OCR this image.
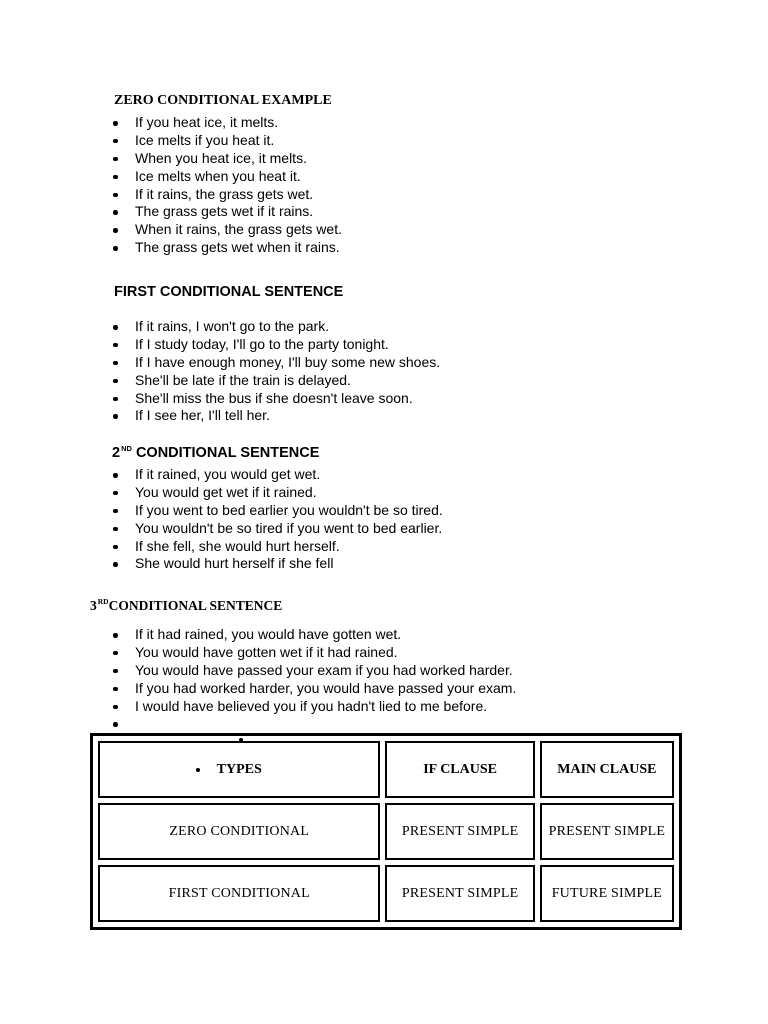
ZERO CONDITIONAL EXAMPLE
If you heat ice, it melts.
Ice melts if you heat it.
When you heat ice, it melts.
Ice melts when you heat it.
If it rains, the grass gets wet.
The grass gets wet if it rains.
When it rains, the grass gets wet.
The grass gets wet when it rains.
FIRST CONDITIONAL SENTENCE
If it rains, I won't go to the park.
If I study today, I'll go to the party tonight.
If I have enough money, I'll buy some new shoes.
She'll be late if the train is delayed.
She'll miss the bus if she doesn't leave soon.
If I see her, I'll tell her.
2ND CONDITIONAL SENTENCE
If it rained, you would get wet.
You would get wet if it rained.
If you went to bed earlier you wouldn't be so tired.
You wouldn't be so tired if you went to bed earlier.
If she fell, she would hurt herself.
She would hurt herself if she fell
3RDCONDITIONAL SENTENCE
If it had rained, you would have gotten wet.
You would have gotten wet if it had rained.
You would have passed your exam if you had worked harder.
If you had worked harder, you would have passed your exam.
I would have believed you if you hadn't lied to me before.
TYPES	IF CLAUSE	MAIN CLAUSE
ZERO CONDITIONAL	PRESENT SIMPLE	PRESENT SIMPLE
FIRST CONDITIONAL	PRESENT SIMPLE	FUTURE SIMPLE
